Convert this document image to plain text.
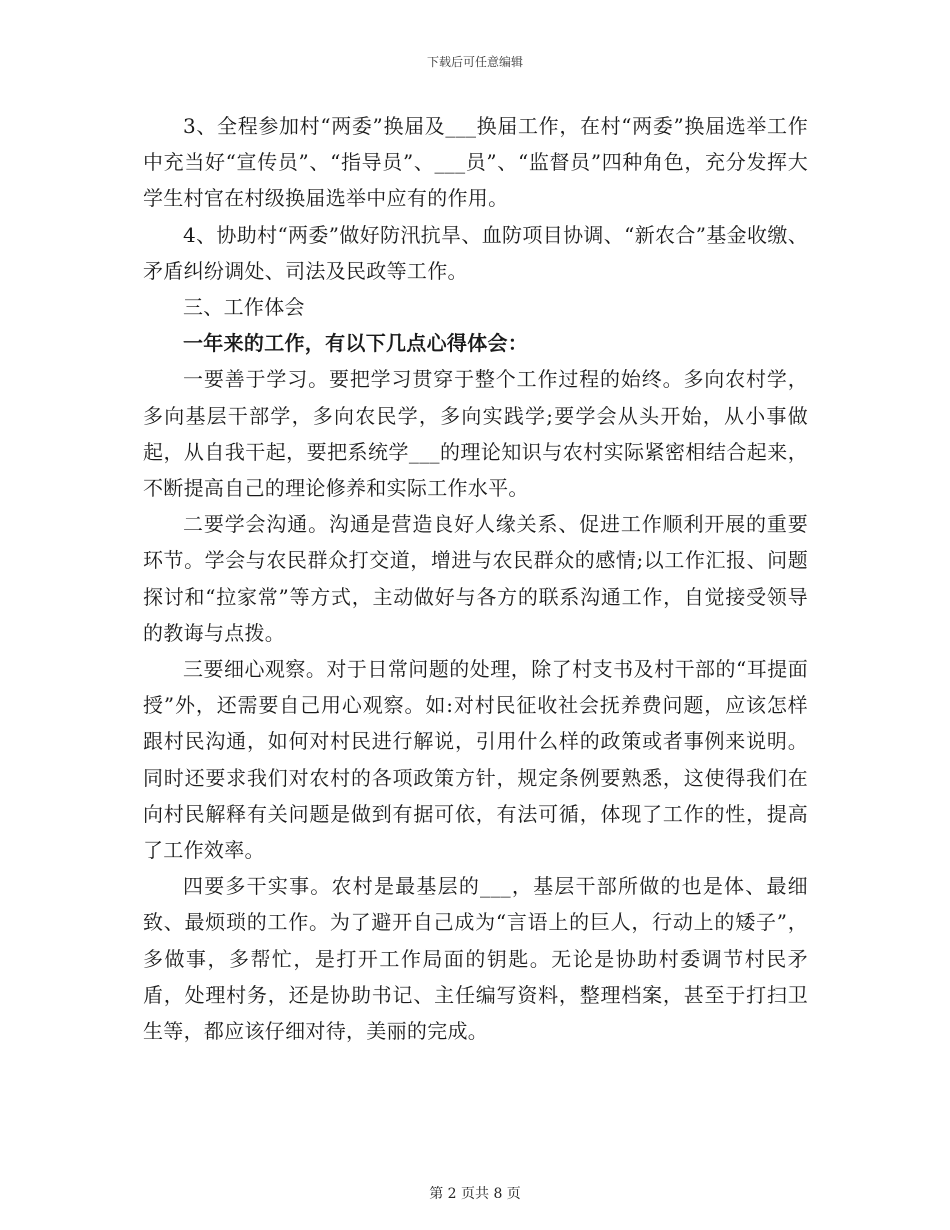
下载后可任意编辑

3、全程参加村“两委”换届及___换届工作，在村“两委”换届选举工作中充当好“宣传员”、“指导员”、___员”、“监督员”四种角色，充分发挥大学生村官在村级换届选举中应有的作用。

4、协助村“两委”做好防汛抗旱、血防项目协调、“新农合”基金收缴、矛盾纠纷调处、司法及民政等工作。

三、工作体会

一年来的工作，有以下几点心得体会：

一要善于学习。要把学习贯穿于整个工作过程的始终。多向农村学，多向基层干部学，多向农民学，多向实践学;要学会从头开始，从小事做起，从自我干起，要把系统学___的理论知识与农村实际紧密相结合起来，不断提高自己的理论修养和实际工作水平。

二要学会沟通。沟通是营造良好人缘关系、促进工作顺利开展的重要环节。学会与农民群众打交道，增进与农民群众的感情;以工作汇报、问题探讨和“拉家常”等方式，主动做好与各方的联系沟通工作，自觉接受领导的教诲与点拨。

三要细心观察。对于日常问题的处理，除了村支书及村干部的“耳提面授”外，还需要自己用心观察。如:对村民征收社会抚养费问题，应该怎样跟村民沟通，如何对村民进行解说，引用什么样的政策或者事例来说明。同时还要求我们对农村的各项政策方针，规定条例要熟悉，这使得我们在向村民解释有关问题是做到有据可依，有法可循，体现了工作的性，提高了工作效率。

四要多干实事。农村是最基层的___，基层干部所做的也是体、最细致、最烦琐的工作。为了避开自己成为“言语上的巨人，行动上的矮子”，多做事，多帮忙，是打开工作局面的钥匙。无论是协助村委调节村民矛盾，处理村务，还是协助书记、主任编写资料，整理档案，甚至于打扫卫生等，都应该仔细对待，美丽的完成。

第 2 页共 8 页
